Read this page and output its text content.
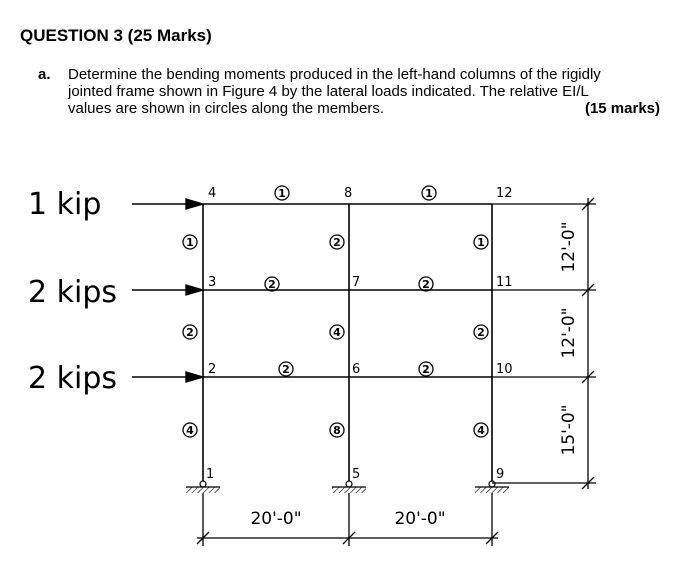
QUESTION 3 (25 Marks)
a. Determine the bending moments produced in the left-hand columns of the rigidly
jointed frame shown in Figure 4 by the lateral loads indicated. The relative EI/L
values are shown in circles along the members.	(15 marks)
1 kip
2 kips
2 kips
4	8	12
3	7	11
2	6	10
1	5	9
1	1
2	2
2	2
1	2	1
2	4	2
4	8	4
12'-0"
12'-0"
15'-0"
20'-0"	20'-0"
